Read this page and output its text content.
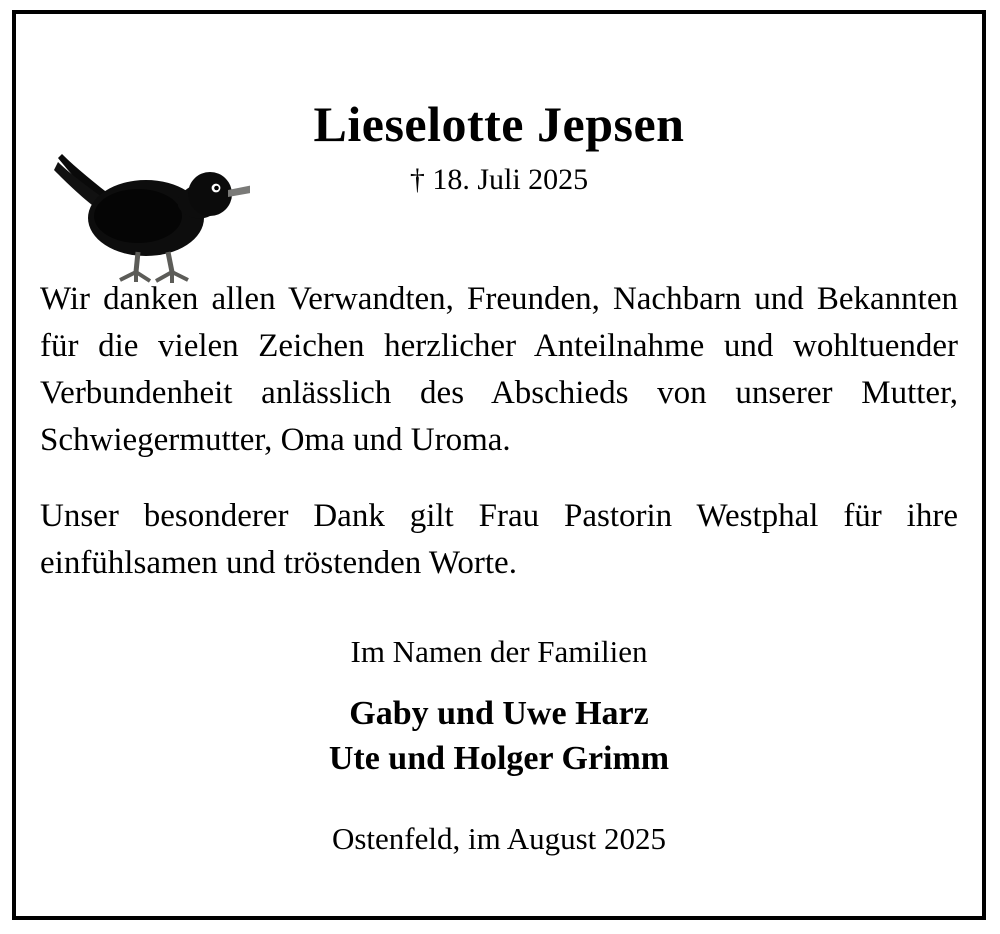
Lieselotte Jepsen
† 18. Juli 2025

Wir danken allen Verwandten, Freunden, Nachbarn und Bekannten für die vielen Zeichen herzlicher Anteilnahme und wohltuender Verbundenheit anlässlich des Abschieds von unserer Mutter, Schwiegermutter, Oma und Uroma.

Unser besonderer Dank gilt Frau Pastorin Westphal für ihre einfühlsamen und tröstenden Worte.

Im Namen der Familien
Gaby und Uwe Harz
Ute und Holger Grimm
Ostenfeld, im August 2025
